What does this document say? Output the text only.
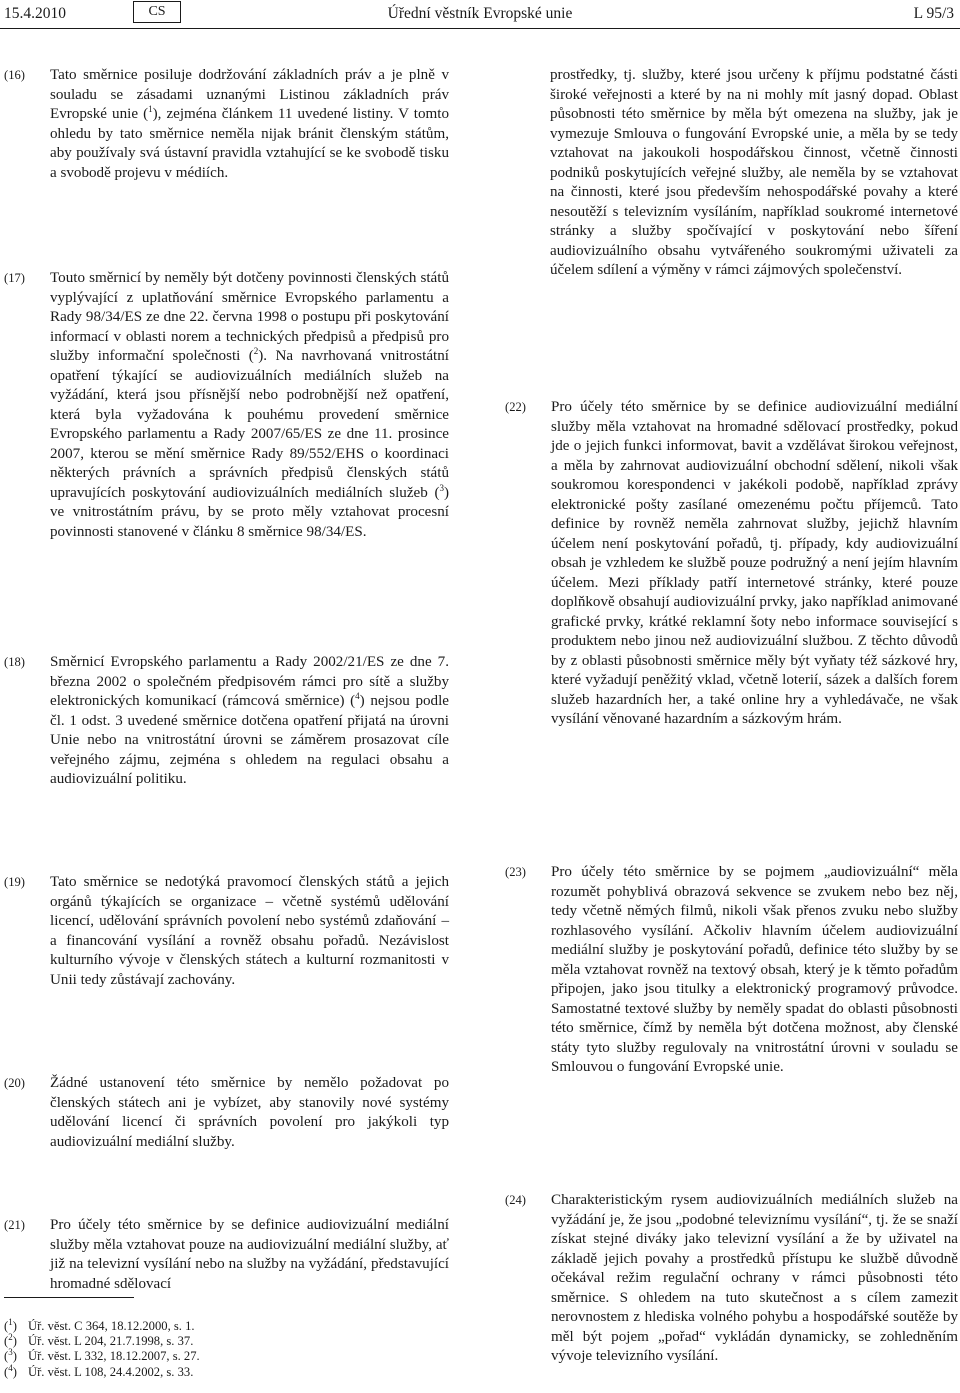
15.4.2010	CS	Úřední věstník Evropské unie	L 95/3
(16) Tato směrnice posiluje dodržování základních práv a je plně v souladu se zásadami uznanými Listinou základních práv Evropské unie ($^1$), zejména článkem 11 uvedené listiny. V tomto ohledu by tato směrnice neměla nijak bránit členským státům, aby používaly svá ústavní pravidla vztahující se ke svobodě tisku a svobodě projevu v médiích.
(17) Touto směrnicí by neměly být dotčeny povinnosti členských států vyplývající z uplatňování směrnice Evropského parlamentu a Rady 98/34/ES ze dne 22. června 1998 o postupu při poskytování informací v oblasti norem a technických předpisů a předpisů pro služby informační společnosti ($^2$). Na navrhovaná vnitrostátní opatření týkající se audiovizuálních mediálních služeb na vyžádání, která jsou přísnější nebo podrobnější než opatření, která byla vyžadována k pouhému provedení směrnice Evropského parlamentu a Rady 2007/65/ES ze dne 11. prosince 2007, kterou se mění směrnice Rady 89/552/EHS o koordinaci některých právních a správních předpisů členských států upravujících poskytování audiovizuálních mediálních služeb ($^3$) ve vnitrostátním právu, by se proto měly vztahovat procesní povinnosti stanovené v článku 8 směrnice 98/34/ES.
(18) Směrnicí Evropského parlamentu a Rady 2002/21/ES ze dne 7. března 2002 o společném předpisovém rámci pro sítě a služby elektronických komunikací (rámcová směrnice) ($^4$) nejsou podle čl. 1 odst. 3 uvedené směrnice dotčena opatření přijatá na úrovni Unie nebo na vnitrostátní úrovni se záměrem prosazovat cíle veřejného zájmu, zejména s ohledem na regulaci obsahu a audiovizuální politiku.
(19) Tato směrnice se nedotýká pravomocí členských států a jejich orgánů týkajících se organizace – včetně systémů udělování licencí, udělování správních povolení nebo systémů zdaňování – a financování vysílání a rovněž obsahu pořadů. Nezávislost kulturního vývoje v členských státech a kulturní rozmanitosti v Unii tedy zůstávají zachovány.
(20) Žádné ustanovení této směrnice by nemělo požadovat po členských státech ani je vybízet, aby stanovily nové systémy udělování licencí či správních povolení pro jakýkoli typ audiovizuální mediální služby.
(21) Pro účely této směrnice by se definice audiovizuální mediální služby měla vztahovat pouze na audiovizuální mediální služby, ať již na televizní vysílání nebo na služby na vyžádání, představující hromadné sdělovací
prostředky, tj. služby, které jsou určeny k příjmu podstatné části široké veřejnosti a které by na ni mohly mít jasný dopad. Oblast působnosti této směrnice by měla být omezena na služby, jak je vymezuje Smlouva o fungování Evropské unie, a měla by se tedy vztahovat na jakoukoli hospodářskou činnost, včetně činnosti podniků poskytujících veřejné služby, ale neměla by se vztahovat na činnosti, které jsou především nehospodářské povahy a které nesoutěží s televizním vysíláním, například soukromé internetové stránky a služby spočívající v poskytování nebo šíření audiovizuálního obsahu vytvářeného soukromými uživateli za účelem sdílení a výměny v rámci zájmových společenství.
(22) Pro účely této směrnice by se definice audiovizuální mediální služby měla vztahovat na hromadné sdělovací prostředky, pokud jde o jejich funkci informovat, bavit a vzdělávat širokou veřejnost, a měla by zahrnovat audiovizuální obchodní sdělení, nikoli však soukromou korespondenci v jakékoli podobě, například zprávy elektronické pošty zasílané omezenému počtu příjemců. Tato definice by rovněž neměla zahrnovat služby, jejichž hlavním účelem není poskytování pořadů, tj. případy, kdy audiovizuální obsah je vzhledem ke službě pouze podružný a není jejím hlavním účelem. Mezi příklady patří internetové stránky, které pouze doplňkově obsahují audiovizuální prvky, jako například animované grafické prvky, krátké reklamní šoty nebo informace související s produktem nebo jinou než audiovizuální službou. Z těchto důvodů by z oblasti působnosti směrnice měly být vyňaty též sázkové hry, které vyžadují peněžitý vklad, včetně loterií, sázek a dalších forem služeb hazardních her, a také online hry a vyhledávače, ne však vysílání věnované hazardním a sázkovým hrám.
(23) Pro účely této směrnice by se pojmem „audiovizuální“ měla rozumět pohyblivá obrazová sekvence se zvukem nebo bez něj, tedy včetně němých filmů, nikoli však přenos zvuku nebo služby rozhlasového vysílání. Ačkoliv hlavním účelem audiovizuální mediální služby je poskytování pořadů, definice této služby by se měla vztahovat rovněž na textový obsah, který je k těmto pořadům připojen, jako jsou titulky a elektronický programový průvodce. Samostatné textové služby by neměly spadat do oblasti působnosti této směrnice, čímž by neměla být dotčena možnost, aby členské státy tyto služby regulovaly na vnitrostátní úrovni v souladu se Smlouvou o fungování Evropské unie.
(24) Charakteristickým rysem audiovizuálních mediálních služeb na vyžádání je, že jsou „podobné televiznímu vysílání“, tj. že se snaží získat stejné diváky jako televizní vysílání a že by uživatel na základě jejich povahy a prostředků přístupu ke službě důvodně očekával režim regulační ochrany v rámci působnosti této směrnice. S ohledem na tuto skutečnost a s cílem zamezit nerovnostem z hlediska volného pohybu a hospodářské soutěže by měl být pojem „pořad“ vykládán dynamicky, se zohledněním vývoje televizního vysílání.
($^1$) Úř. věst. C 364, 18.12.2000, s. 1.
($^2$) Úř. věst. L 204, 21.7.1998, s. 37.
($^3$) Úř. věst. L 332, 18.12.2007, s. 27.
($^4$) Úř. věst. L 108, 24.4.2002, s. 33.
